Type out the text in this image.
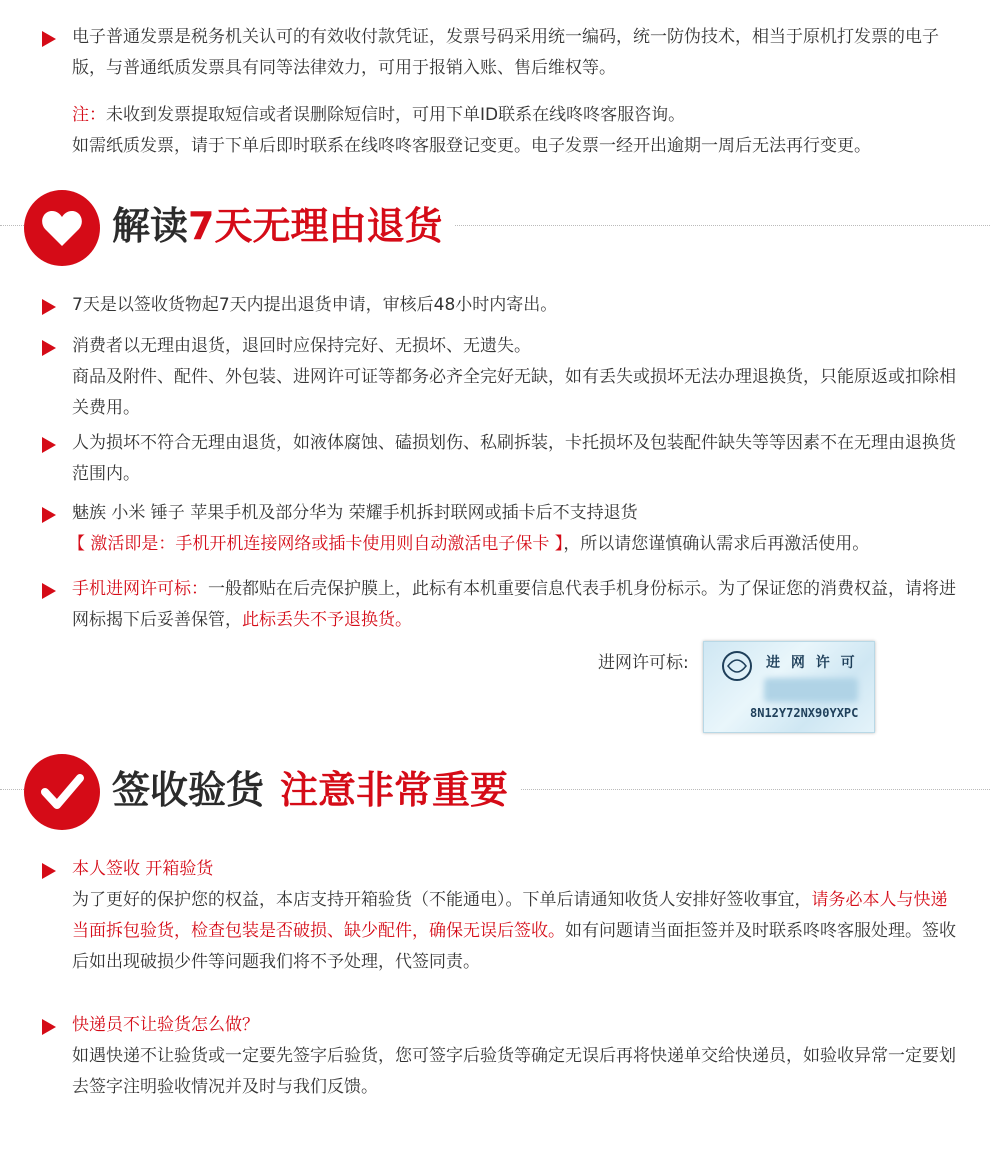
电子普通发票是税务机关认可的有效收付款凭证，发票号码采用统一编码，统一防伪技术，相当于原机打发票的电子版，与普通纸质发票具有同等法律效力，可用于报销入账、售后维权等。
注：未收到发票提取短信或者误删除短信时，可用下单ID联系在线咚咚客服咨询。
如需纸质发票，请于下单后即时联系在线咚咚客服登记变更。电子发票一经开出逾期一周后无法再行变更。
解读7天无理由退货
7天是以签收货物起7天内提出退货申请，审核后48小时内寄出。
消费者以无理由退货，退回时应保持完好、无损坏、无遗失。
商品及附件、配件、外包装、进网许可证等都务必齐全完好无缺，如有丢失或损坏无法办理退换货，只能原返或扣除相关费用。
人为损坏不符合无理由退货，如液体腐蚀、磕损划伤、私刷拆装，卡托损坏及包装配件缺失等等因素不在无理由退换货范围内。
魅族 小米 锤子 苹果手机及部分华为 荣耀手机拆封联网或插卡后不支持退货
【 激活即是：手机开机连接网络或插卡使用则自动激活电子保卡 】，所以请您谨慎确认需求后再激活使用。
手机进网许可标：一般都贴在后壳保护膜上，此标有本机重要信息代表手机身份标示。为了保证您的消费权益，请将进网标揭下后妥善保管，此标丢失不予退换货。
进网许可标:	进 网 许 可
8N12Y72NX90YXPC
签收验货 注意非常重要
本人签收 开箱验货
为了更好的保护您的权益，本店支持开箱验货（不能通电）。下单后请通知收货人安排好签收事宜，请务必本人与快递当面拆包验货，检查包装是否破损、缺少配件，确保无误后签收。如有问题请当面拒签并及时联系咚咚客服处理。签收后如出现破损少件等问题我们将不予处理，代签同责。
快递员不让验货怎么做？
如遇快递不让验货或一定要先签字后验货，您可签字后验货等确定无误后再将快递单交给快递员，如验收异常一定要划去签字注明验收情况并及时与我们反馈。
